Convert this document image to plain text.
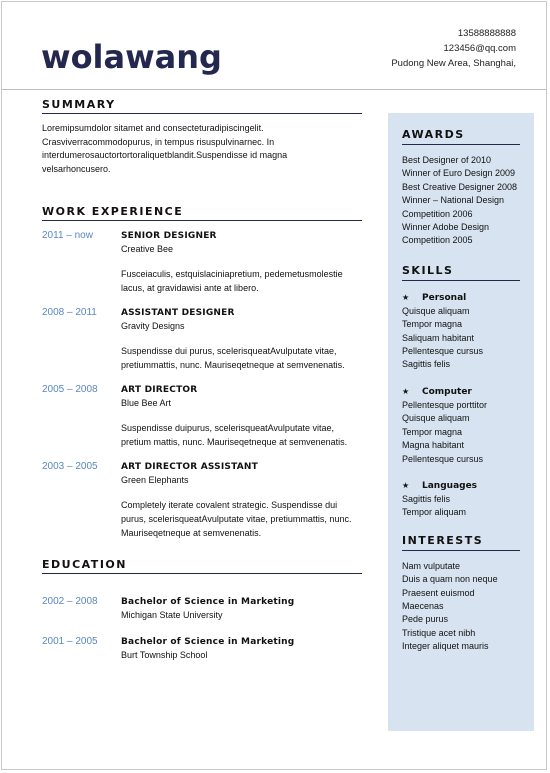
wolawang
13588888888
123456@qq.com
Pudong New Area, Shanghai,
SUMMARY

Loremipsumdolor sitamet and consecteturadipiscingelit.
Crasviverracommodopurus, in tempus risuspulvinarnec. In
interdumerosauctortortoraliquetblandit.Suspendisse id magna
velsarhoncusero.

WORK EXPERIENCE
2011 – now	SENIOR DESIGNER
Creative Bee
Fusceiaculis, estquislaciniapretium, pedemetusmolestie
lacus, at gravidawisi ante at libero.
2008 – 2011	ASSISTANT DESIGNER
Gravity Designs
Suspendisse dui purus, scelerisqueatAvulputate vitae,
pretiummattis, nunc. Mauriseqetneque at semvenenatis.
2005 – 2008	ART DIRECTOR
Blue Bee Art
Suspendisse duipurus, scelerisqueatAvulputate vitae,
pretium mattis, nunc. Mauriseqetneque at semvenenatis.
2003 – 2005	ART DIRECTOR ASSISTANT
Green Elephants
Completely iterate covalent strategic. Suspendisse dui
purus, scelerisqueatAvulputate vitae, pretiummattis, nunc.
Mauriseqetneque at semvenenatis.
EDUCATION
2002 – 2008	Bachelor of Science in Marketing
Michigan State University
2001 – 2005	Bachelor of Science in Marketing
Burt Township School
AWARDS
Best Designer of 2010
Winner of Euro Design 2009
Best Creative Designer 2008
Winner – National Design
Competition 2006
Winner Adobe Design
Competition 2005
SKILLS
★ Personal
Quisque aliquam
Tempor magna
Saliquam habitant
Pellentesque cursus
Sagittis felis
★ Computer
Pellentesque porttitor
Quisque aliquam
Tempor magna
Magna habitant
Pellentesque cursus
★ Languages
Sagittis felis
Tempor aliquam
INTERESTS
Nam vulputate
Duis a quam non neque
Praesent euismod
Maecenas
Pede purus
Tristique acet nibh
Integer aliquet mauris
